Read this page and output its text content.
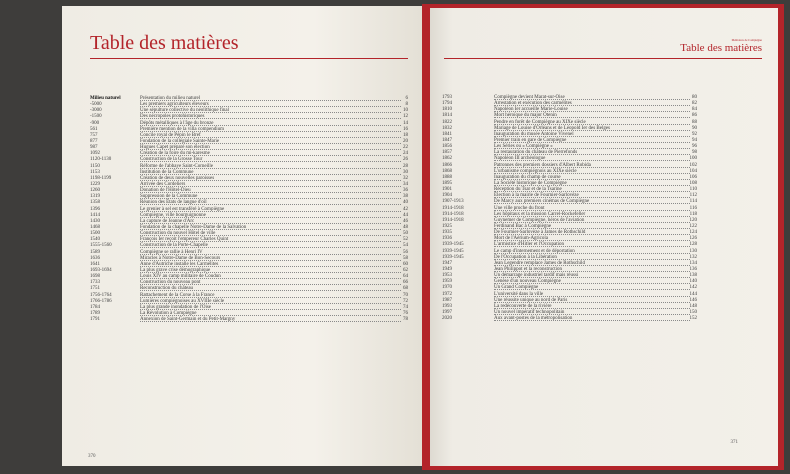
Table des matières
Milieu naturel	Présentation du milieu naturel	6
-5000	Les premiers agriculteurs éleveurs	8
-3000	Une sépulture collective du néolithique final	10
-1500	Des nécropoles protohistoriques	12
-900	Dépôts métalliques à l'âge du bronze	14
561	Première mention de la villa compendium	16
757	Concile royal de Pépin le Bref	18
877	Fondation de la collégiale Sainte-Marie	20
987	Hugues Capet préparé son élection	22
1092	Création de la foire du mi-karesme	24
1120-1130	Construction de la Grosse Tour	26
1150	Réforme de l'abbaye Saint-Corneille	28
1153	Institution de la Commune	30
1198-1199	Création de deux nouvelles paroisses	32
1229	Arrivée des Cordeliers	34
1260	Donation de l'Hôtel-Dieu	36
1319	Suppression de la Commune	38
1358	Réunion des États de langue d'oïl	40
1396	Le grenier à sel est transféré à Compiègne	42
1414	Compiègne, ville bourguignonne	44
1430	La capture de Jeanne d'Arc	46
1468	Fondation de la chapelle Notre-Dame de la Salvation	48
1500	Construction du nouvel Hôtel de ville	50
1540	François Ier reçoit l'empereur Charles Quint	52
1555-1560	Construction de la Porte-Chapelle	54
1589	Compiègne se rallie à Henri IV	56
1636	Miracles à Notre-Dame de Bon-Secours	58
1641	Anne d'Autriche installe les Carmélites	60
1693-1694	La plus grave crise démographique	62
1698	Louis XIV au camp militaire de Coudun	64
1733	Construction du nouveau pont	66
1751	Reconstruction du château	68
1756-1764	Rattachement de la Corse à la France	70
1766-1786	Lumières compiégnoises au XVIIIe siècle	72
1784	La plus grande inondation de l'Oise	74
1789	La Révolution à Compiègne	76
1791	Annexion de Saint-Germain et du Petit-Margny	78
370
Mémoires de Compiègne
Table des matières
1793	Compiègne devient Marat-sur-Oise	80
1794	Arrestation et exécution des carmélites	82
1810	Napoléon Ier accueille Marie-Louise	84
1814	Mort héroïque du major Otenin	86
1822	Pendre en forêt de Compiègne au XIXe siècle	88
1832	Mariage de Louise d'Orléans et de Léopold Ier des Belges	90
1841	Inauguration du musée Antoine Vivenel	92
1847	Premier train en gare de Compiègne	94
1856	Les Séries ou « Compiègne »	96
1857	La restauration du château de Pierrefonds	98
1862	Napoléon III archéologue	100
1866	Patronnes des premiers dossiers d'Albert Robida	102
1868	L'urbanisme compiégnois au XIXe siècle	104
1888	Inauguration du champ de course	106
1895	La Société historique de Compiègne	108
1901	Réception du Tsar et de la Tsarine	110
1904	Élection à la mairie de Fournier-Sarlovèze	112
1907-1913	De Marcy aux premiers cinémas de Compiègne	114
1914-1918	Une ville proche du front	116
1914-1918	Les hôpitaux et la mission Carrel-Rockefeller	118
1914-1918	Guynemer de Compiègne, héros de l'aviation	120
1925	Ferdinand Bac à Compiègne	122
1935	De Fournier-Sarlovèze à James de Rothschild	124
1936	Mort de l'Aérium-Agricola	126
1939-1945	L'armistice d'Hitler et l'Occupation	128
1939-1945	Le camp d'internement et de déportation	130
1939-1945	De l'Occupation à la Libération	132
1947	Jean Legendre remplace James de Rothschild	134
1949	Jean Philippot et la reconstruction	136
1953	Un démarrage industriel tardif mais réussi	138
1959	Genèse d'un nouveau Compiègne	140
1970	Un Grand Compiègne	142
1972	L'université dans la ville	144
1987	Une réussite unique au nord de Paris	146
1993	La redécouverte de la rivière	148
1997	Un nouvel impératif technopolitain	150
2020	Aux avant-postes de la métropolisation	152
371
